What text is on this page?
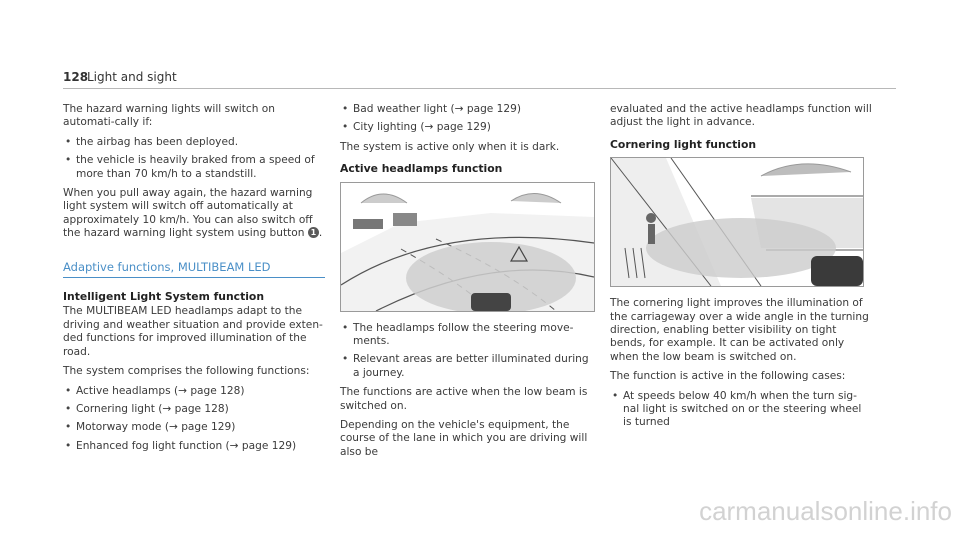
128
Light and sight

The hazard warning lights will switch on automati-cally if:

• the airbag has been deployed.
• the vehicle is heavily braked from a speed of more than 70 km/h to a standstill.

When you pull away again, the hazard warning light system will switch off automatically at approximately 10 km/h. You can also switch off the hazard warning light system using button 1 .

Adaptive functions, MULTIBEAM LED
Intelligent Light System function

The MULTIBEAM LED headlamps adapt to the driving and weather situation and provide exten-ded functions for improved illumination of the road.

The system comprises the following functions:

• Active headlamps (→ page 128)
• Cornering light (→ page 128)
• Motorway mode (→ page 129)
• Enhanced fog light function (→ page 129)
• Bad weather light (→ page 129)
• City lighting (→ page 129)

The system is active only when it is dark.

Active headlamps function
• The headlamps follow the steering move-ments.
• Relevant areas are better illuminated during a journey.

The functions are active when the low beam is switched on.

Depending on the vehicle's equipment, the course of the lane in which you are driving will also be

evaluated and the active headlamps function will adjust the light in advance.

Cornering light function

The cornering light improves the illumination of the carriageway over a wide angle in the turning direction, enabling better visibility on tight bends, for example. It can be activated only when the low beam is switched on.

The function is active in the following cases:

• At speeds below 40 km/h when the turn sig-nal light is switched on or the steering wheel is turned
carmanualsonline.info
